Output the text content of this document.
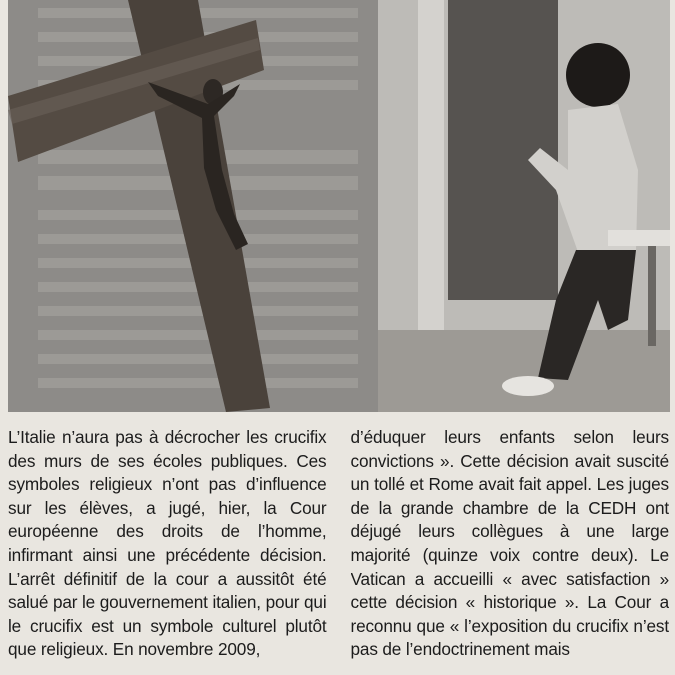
L’Italie n’aura pas à décrocher les crucifix des murs de ses écoles publiques. Ces symboles religieux n’ont pas d’influence sur les élèves, a jugé, hier, la Cour européenne des droits de l’homme, infirmant ainsi une précédente décision. L’arrêt définitif de la cour a aussitôt été salué par le gouvernement italien, pour qui le crucifix est un symbole culturel plutôt que religieux. En novembre 2009,

d’éduquer leurs enfants selon leurs convictions ». Cette décision avait suscité un tollé et Rome avait fait appel. Les juges de la grande chambre de la CEDH ont déjugé leurs collègues à une large majorité (quinze voix contre deux). Le Vatican a accueilli « avec satisfaction » cette décision « historique ». La Cour a reconnu que « l’exposition du crucifix n’est pas de l’endoctrinement mais
